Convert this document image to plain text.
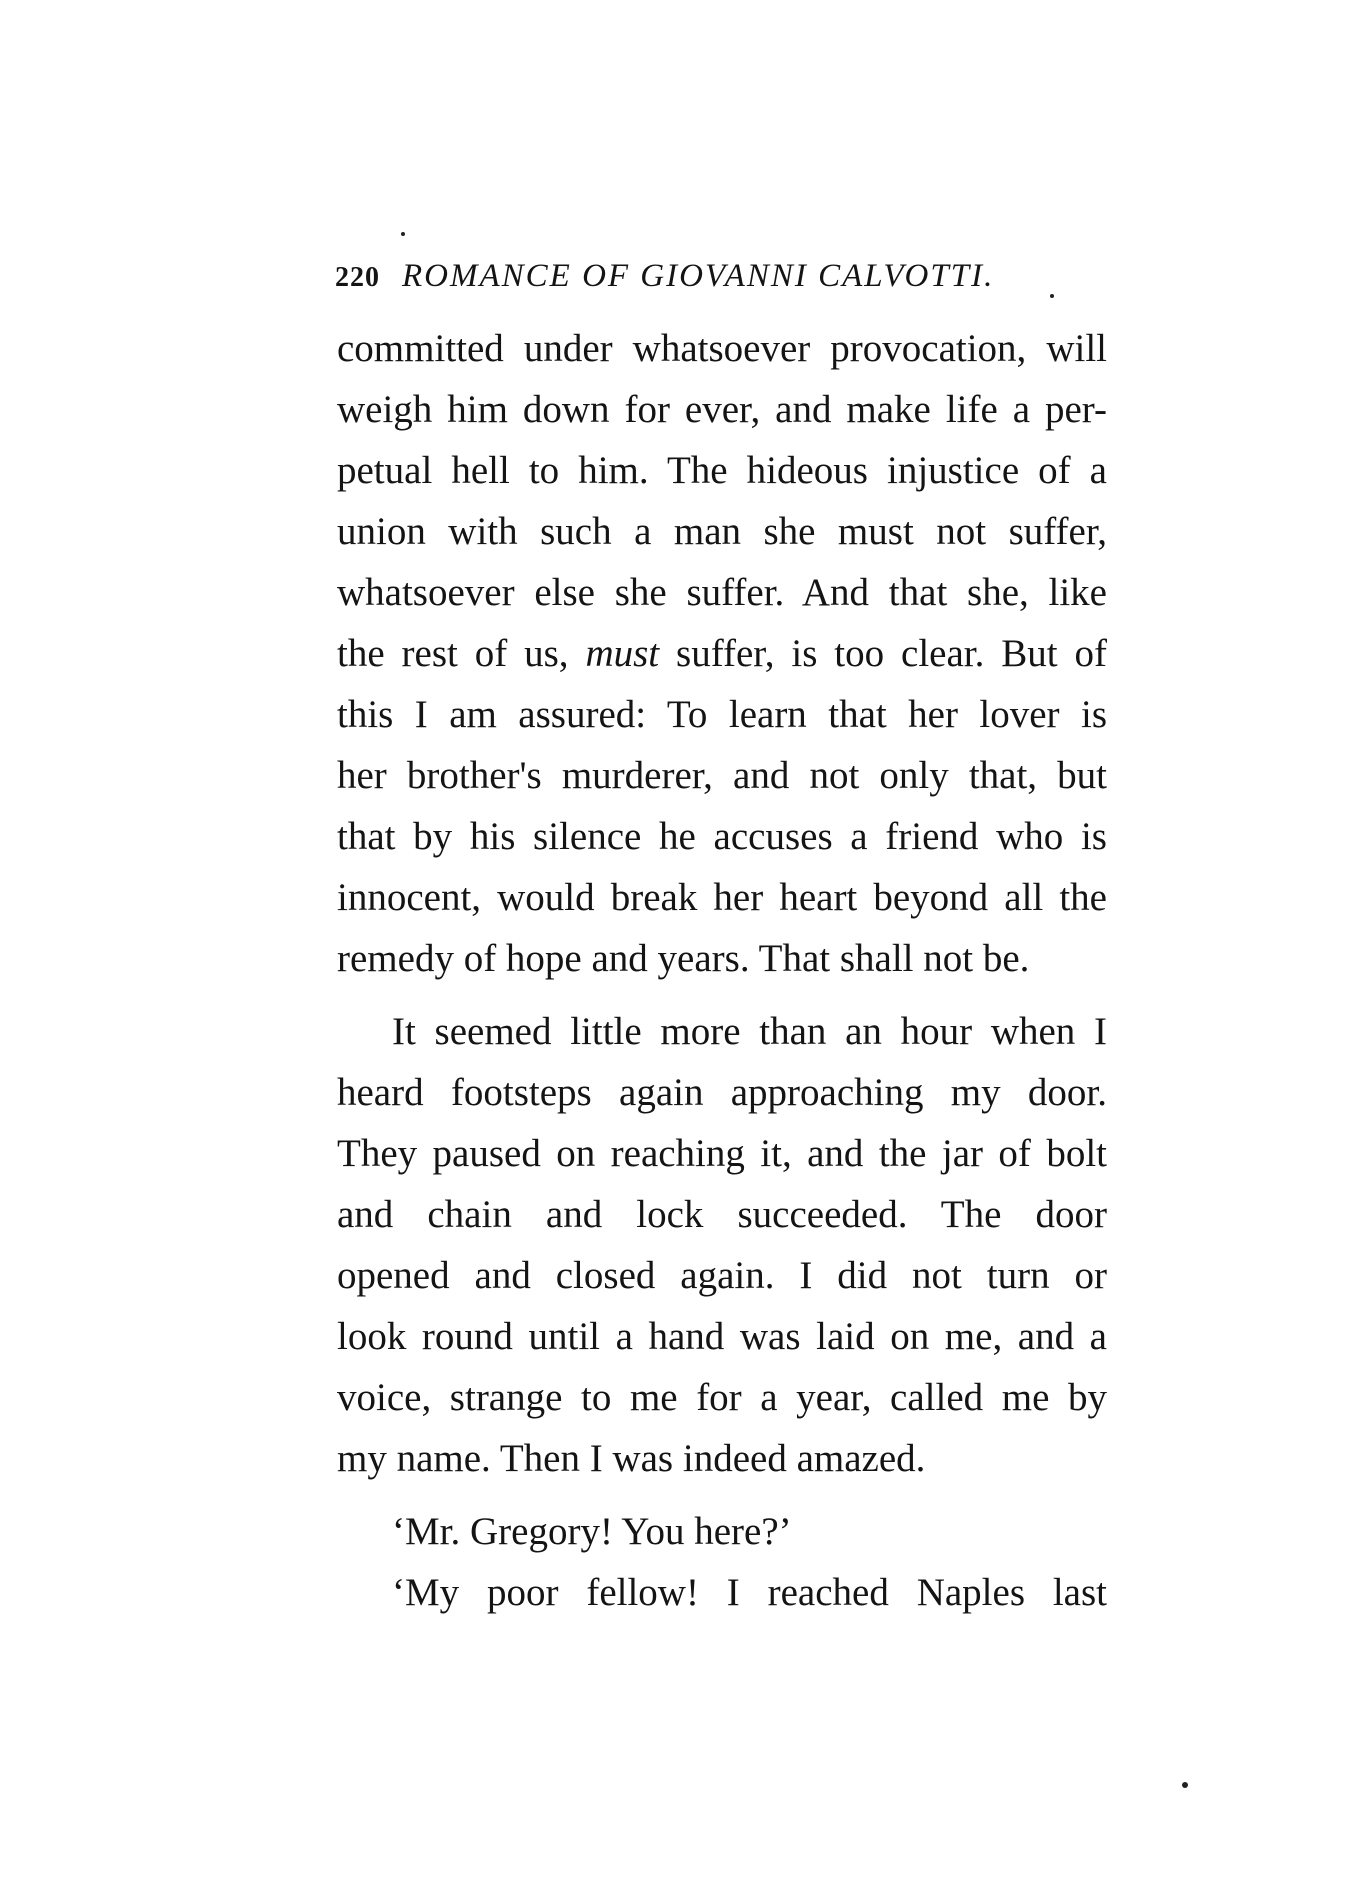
220 ROMANCE OF GIOVANNI CALVOTTI.
committed under whatsoever provocation, will
weigh him down for ever, and make life a per-
petual hell to him. The hideous injustice of a
union with such a man she must not suffer,
whatsoever else she suffer. And that she, like
the rest of us, must suffer, is too clear. But of
this I am assured: To learn that her lover is
her brother's murderer, and not only that, but
that by his silence he accuses a friend who is
innocent, would break her heart beyond all the
remedy of hope and years. That shall not be.
It seemed little more than an hour when I
heard footsteps again approaching my door.
They paused on reaching it, and the jar of bolt
and chain and lock succeeded. The door
opened and closed again. I did not turn or
look round until a hand was laid on me, and a
voice, strange to me for a year, called me by
my name. Then I was indeed amazed.
‘Mr. Gregory! You here?’
‘My poor fellow! I reached Naples last
